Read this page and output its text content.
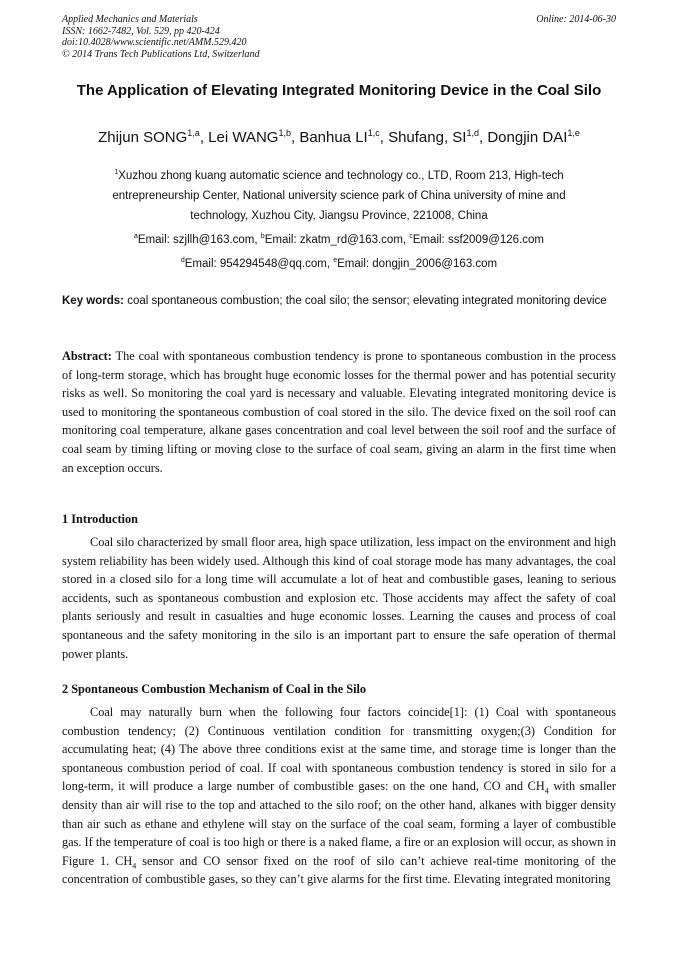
Applied Mechanics and Materials
ISSN: 1662-7482, Vol. 529, pp 420-424
doi:10.4028/www.scientific.net/AMM.529.420
© 2014 Trans Tech Publications Ltd, Switzerland
Online: 2014-06-30
The Application of Elevating Integrated Monitoring Device in the Coal Silo
Zhijun SONG$^{1,a}$, Lei WANG$^{1,b}$, Banhua LI$^{1,c}$, Shufang, SI$^{1,d}$, Dongjin DAI$^{1,e}$
$^1$Xuzhou zhong kuang automatic science and technology co., LTD, Room 213, High-tech
entrepreneurship Center, National university science park of China university of mine and
technology, Xuzhou City, Jiangsu Province, 221008, China
$^a$Email: szjllh@163.com, $^b$Email: zkatm_rd@163.com, $^c$Email: ssf2009@126.com
$^d$Email: 954294548@qq.com, $^e$Email: dongjin_2006@163.com
Key words: coal spontaneous combustion; the coal silo; the sensor; elevating integrated monitoring device
Abstract: The coal with spontaneous combustion tendency is prone to spontaneous combustion in the process of long-term storage, which has brought huge economic losses for the thermal power and has potential security risks as well. So monitoring the coal yard is necessary and valuable. Elevating integrated monitoring device is used to monitoring the spontaneous combustion of coal stored in the silo. The device fixed on the soil roof can monitoring coal temperature, alkane gases concentration and coal level between the soil roof and the surface of coal seam by timing lifting or moving close to the surface of coal seam, giving an alarm in the first time when an exception occurs.
1 Introduction
Coal silo characterized by small floor area, high space utilization, less impact on the environment and high system reliability has been widely used. Although this kind of coal storage mode has many advantages, the coal stored in a closed silo for a long time will accumulate a lot of heat and combustible gases, leaning to serious accidents, such as spontaneous combustion and explosion etc. Those accidents may affect the safety of coal plants seriously and result in casualties and huge economic losses. Learning the causes and process of coal spontaneous and the safety monitoring in the silo is an important part to ensure the safe operation of thermal power plants.
2 Spontaneous Combustion Mechanism of Coal in the Silo
Coal may naturally burn when the following four factors coincide[1]: (1) Coal with spontaneous combustion tendency; (2) Continuous ventilation condition for transmitting oxygen;(3) Condition for accumulating heat; (4) The above three conditions exist at the same time, and storage time is longer than the spontaneous combustion period of coal. If coal with spontaneous combustion tendency is stored in silo for a long-term, it will produce a large number of combustible gases: on the one hand, CO and $CH_4$ with smaller density than air will rise to the top and attached to the silo roof; on the other hand, alkanes with bigger density than air such as ethane and ethylene will stay on the surface of the coal seam, forming a layer of combustible gas. If the temperature of coal is too high or there is a naked flame, a fire or an explosion will occur, as shown in Figure 1. $CH_4$ sensor and CO sensor fixed on the roof of silo can’t achieve real-time monitoring of the concentration of combustible gases, so they can’t give alarms for the first time. Elevating integrated monitoring
